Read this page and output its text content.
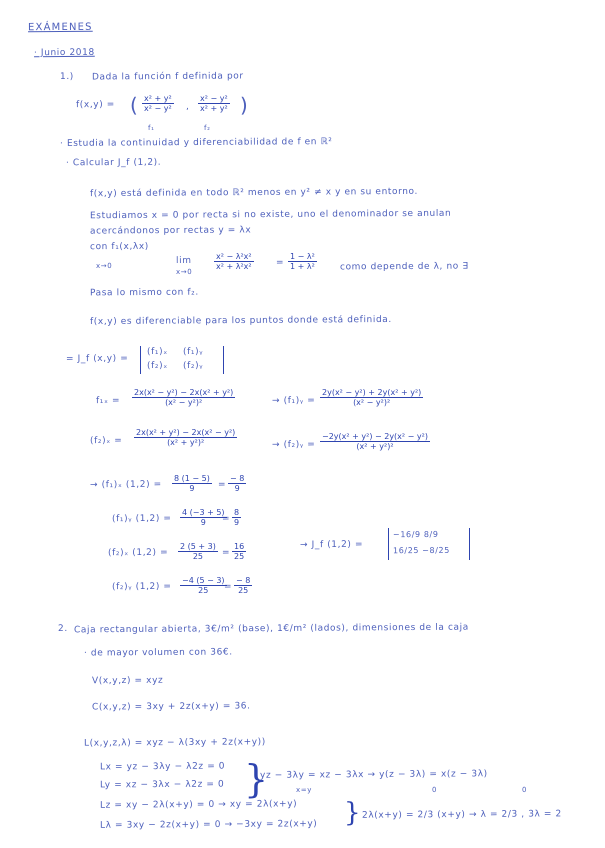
EXÁMENES
· Junio 2018
1.) Dada la función f definida por
f(x,y) = ( $\frac{\text{x² + y²}}{\text{x² − y²}}$ , $\frac{\text{x² − y²}}{\text{x² + y²}}$ )
f₁	f₂
· Estudia la continuidad y diferenciabilidad de f en ℝ²
· Calcular J_f (1,2).
f(x,y) está definida en todo ℝ² menos en y² ≠ x y en su entorno.
Estudiamos x = 0 por recta si no existe, uno el denominador se anulan
acercándonos por rectas y = λx
con f₁(x,λx)
x→0	lim
x→0
$\frac{\text{x² − λ²x²}}{\text{x² + λ²x²}} = \frac{\text{1 − λ²}}{\text{1 + λ²}}$	como depende de λ, no ∃
Pasa lo mismo con f₂.
f(x,y) es diferenciable para los puntos donde está definida.
= J_f (x,y) =
(f₁)ₓ (f₁)ᵧ
(f₂)ₓ (f₂)ᵧ
$f_{1x} = \frac{\text{2x(x² − y²) − 2x(x² + y²)}}{\text{(x² − y²)²}}$	→ (f₁)ᵧ = $\frac{\text{2y(x² − y²) + 2y(x² + y²)}}{\text{(x² − y²)²}}$
$(f_2)_x = \frac{\text{2x(x² + y²) − 2x(x² − y²)}}{\text{(x² + y²)²}}$	→ (f₂)ᵧ = $\frac{\text{−2y(x² + y²) − 2y(x² − y²)}}{\text{(x² + y²)²}}$
→ (f₁)ₓ $(1,2) = \frac{8 (1 - 5)}{9} = \frac{- 8}{9}$
(f₁)ᵧ $(1,2) = \frac{4 (-3 + 5)}{9}$
= $\frac{8}{9}$
(f₂)ₓ $(1,2) = \frac{2 (5 + 3)}{25} = \frac{16}{25}$	→ J_f (1,2) =
−16/9 8/9
16/25 −8/25
(f₂)ᵧ $(1,2) = \frac{-4 (5 - 3)}{25}$
= $\frac{- 8}{25}$
2. Caja rectangular abierta, 3€/m² (base), 1€/m² (lados), dimensiones de la caja
· de mayor volumen con 36€.
V(x,y,z) = xyz
C(x,y,z) = 3xy + 2z(x+y) = 36.
L(x,y,z,λ) = xyz − λ(3xy + 2z(x+y))
Lx = yz − 3λy − λ2z = 0
Ly = xz − 3λx − λ2z = 0 }
yz − 3λy = xz − 3λx → y(z − 3λ) = x(z − 3λ)
0	0
x=y
Lz = xy − 2λ(x+y) = 0 → xy = 2λ(x+y)
Lλ = 3xy − 2z(x+y) = 0 → −3xy = 2z(x+y) } 2λ(x+y) = 2/3 (x+y) → λ = 2/3 , 3λ = 2
